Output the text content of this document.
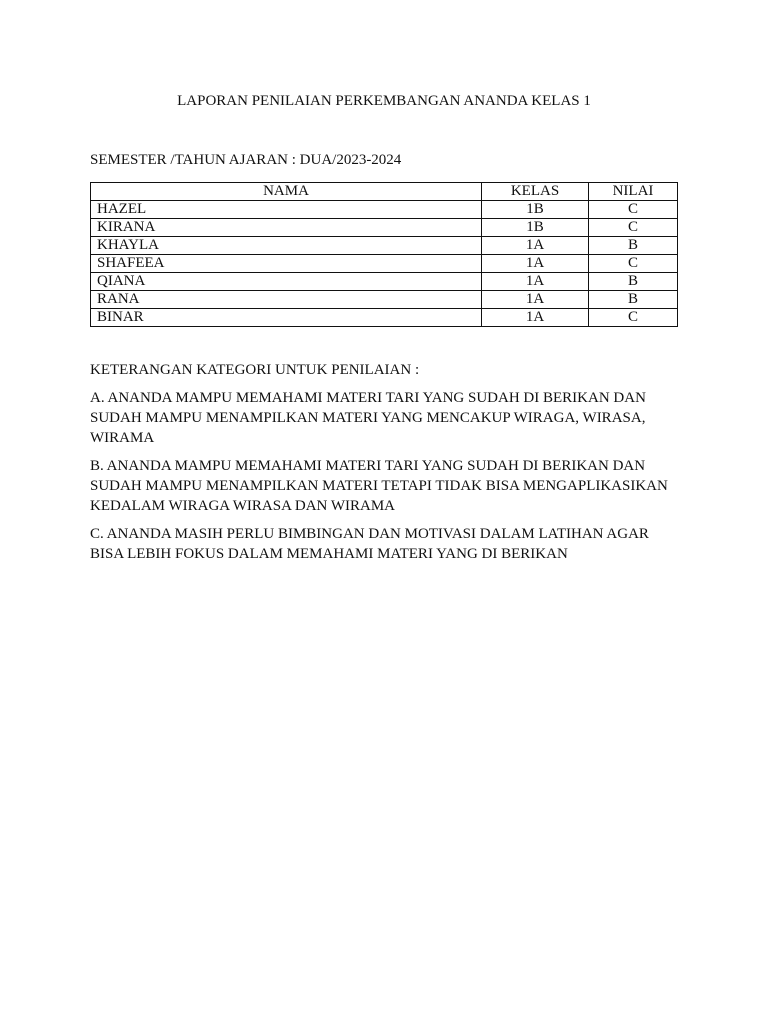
LAPORAN PENILAIAN PERKEMBANGAN ANANDA KELAS 1

SEMESTER /TAHUN AJARAN : DUA/2023-2024

NAMA	KELAS	NILAI
HAZEL	1B	C
KIRANA	1B	C
KHAYLA	1A	B
SHAFEEA	1A	C
QIANA	1A	B
RANA	1A	B
BINAR	1A	C

KETERANGAN KATEGORI UNTUK PENILAIAN :

A. ANANDA MAMPU MEMAHAMI MATERI TARI YANG SUDAH DI BERIKAN DAN SUDAH MAMPU MENAMPILKAN MATERI YANG MENCAKUP WIRAGA, WIRASA, WIRAMA

B. ANANDA MAMPU MEMAHAMI MATERI TARI YANG SUDAH DI BERIKAN DAN SUDAH MAMPU MENAMPILKAN MATERI TETAPI TIDAK BISA MENGAPLIKASIKAN KEDALAM WIRAGA WIRASA DAN WIRAMA

C. ANANDA MASIH PERLU BIMBINGAN DAN MOTIVASI DALAM LATIHAN AGAR BISA LEBIH FOKUS DALAM MEMAHAMI MATERI YANG DI BERIKAN
